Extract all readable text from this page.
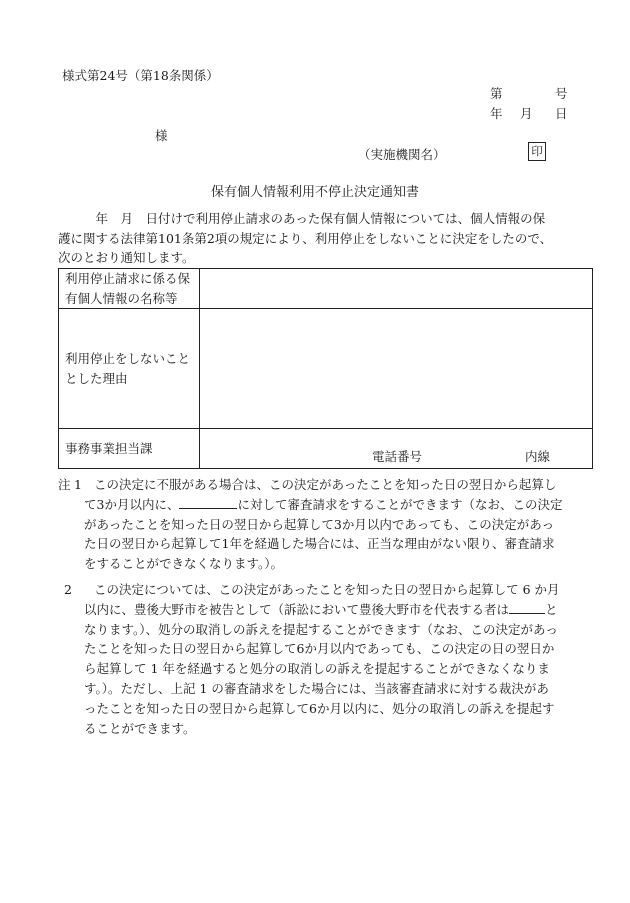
様式第24号（第18条関係）
第	号
年 月 日
様
（実施機関名）	印
保有個人情報利用不停止決定通知書

　　　年　月　日付けで利用停止請求のあった保有個人情報については、個人情報の保
護に関する法律第101条第2項の規定により、利用停止をしないことに決定をしたので、
次のとおり通知します。

利用停止請求に係る保
有個人情報の名称等	

利用停止をしないこと
とした理由	

事務事業担当課	電話番号 内線
注 1 この決定に不服がある場合は、この決定があったことを知った日の翌日から起算し
て3か月以内に、	に対して審査請求をすることができます（なお、この決定
があったことを知った日の翌日から起算して3か月以内であっても、この決定があっ
た日の翌日から起算して1年を経過した場合には、正当な理由がない限り、審査請求
をすることができなくなります。）。
2	この決定については、この決定があったことを知った日の翌日から起算して 6 か月
以内に、豊後大野市を被告として（訴訟において豊後大野市を代表する者は	と
なります。）、処分の取消しの訴えを提起することができます（なお、この決定があっ
たことを知った日の翌日から起算して6か月以内であっても、この決定の日の翌日か
ら起算して 1 年を経過すると処分の取消しの訴えを提起することができなくなりま
す。）。ただし、上記 1 の審査請求をした場合には、当該審査請求に対する裁決があ
ったことを知った日の翌日から起算して6か月以内に、処分の取消しの訴えを提起す
ることができます。
